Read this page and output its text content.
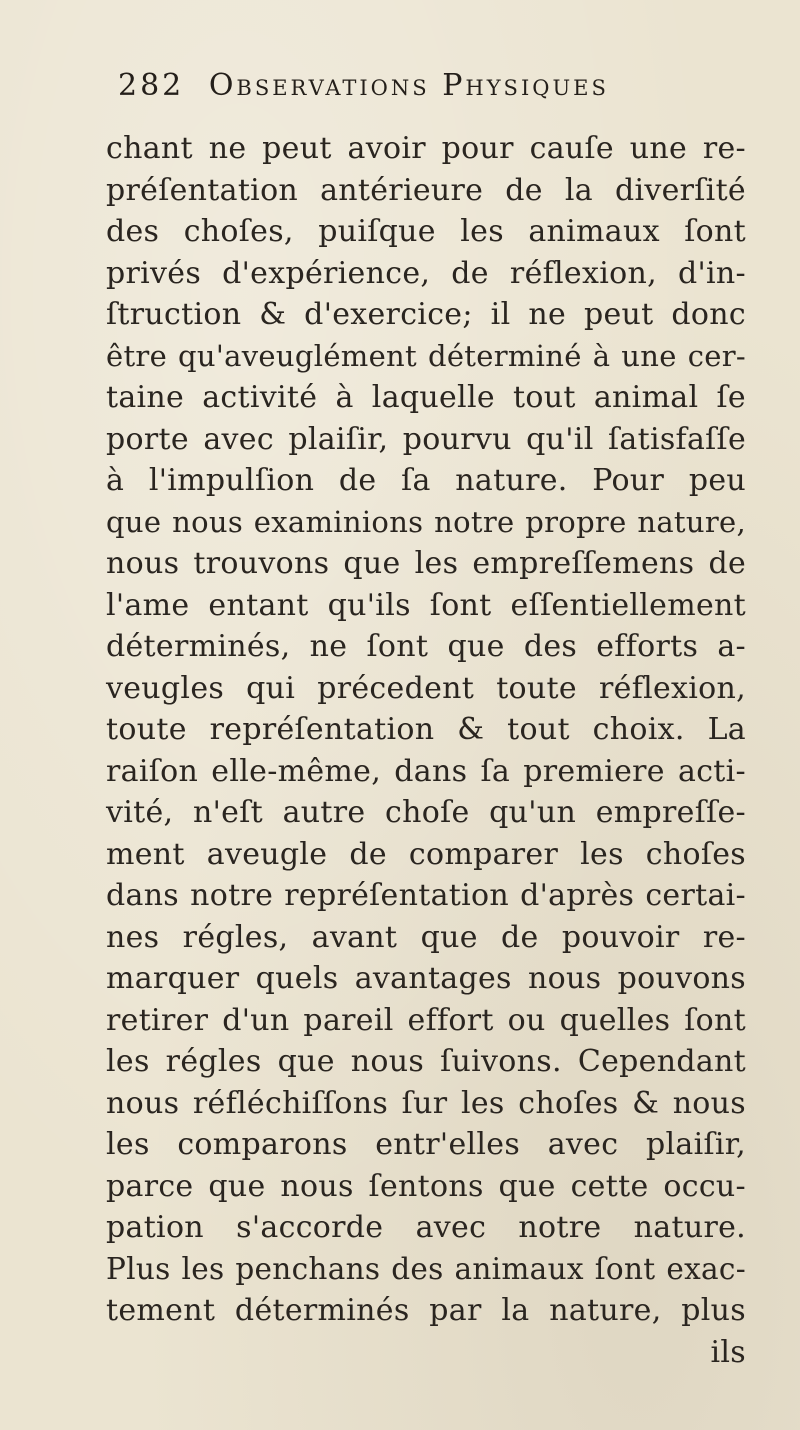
282 Observations Physiques
chant ne peut avoir pour cauſe une re-
préſentation antérieure de la diverſité
des choſes, puiſque les animaux ſont
privés d'expérience, de réflexion, d'in-
ſtruction & d'exercice; il ne peut donc
être qu'aveuglément déterminé à une cer-
taine activité à laquelle tout animal ſe
porte avec plaiſir, pourvu qu'il ſatisfaſſe
à l'impulſion de ſa nature. Pour peu
que nous examinions notre propre nature,
nous trouvons que les empreſſemens de
l'ame entant qu'ils ſont eſſentiellement
déterminés, ne ſont que des efforts a-
veugles qui précedent toute réflexion,
toute repréſentation & tout choix. La
raiſon elle-même, dans ſa premiere acti-
vité, n'eſt autre choſe qu'un empreſſe-
ment aveugle de comparer les choſes
dans notre repréſentation d'après certai-
nes régles, avant que de pouvoir re-
marquer quels avantages nous pouvons
retirer d'un pareil effort ou quelles ſont
les régles que nous ſuivons. Cependant
nous réfléchiſſons ſur les choſes & nous
les comparons entr'elles avec plaiſir,
parce que nous ſentons que cette occu-
pation s'accorde avec notre nature.
Plus les penchans des animaux ſont exac-
tement déterminés par la nature, plus
ils
